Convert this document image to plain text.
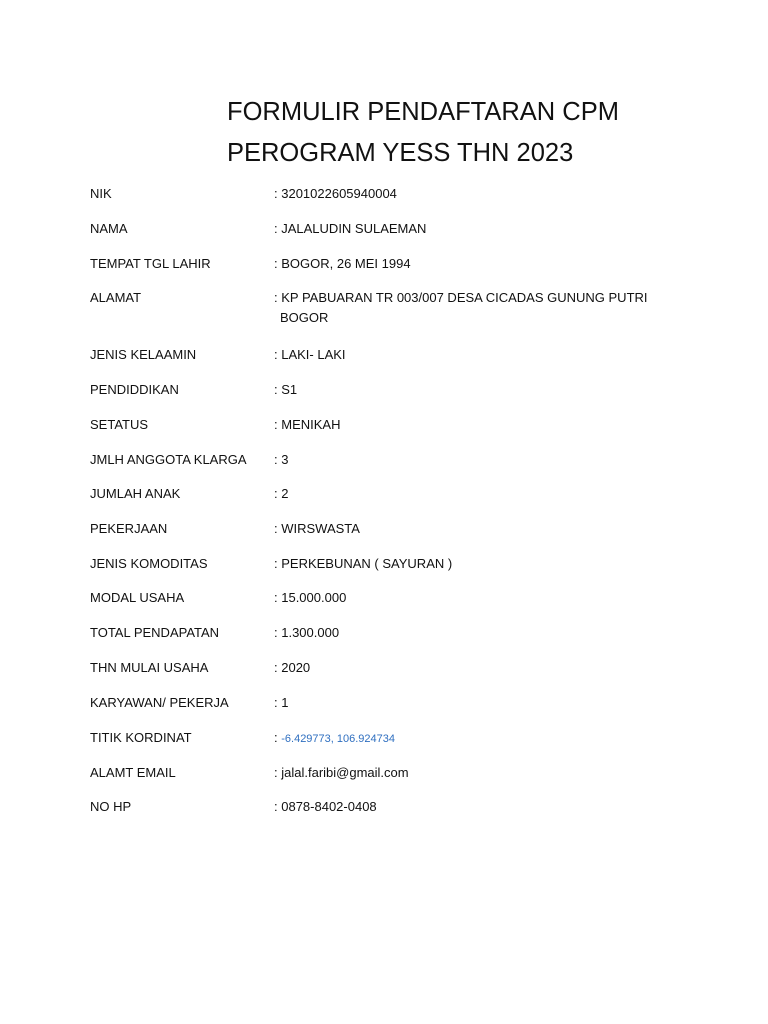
FORMULIR PENDAFTARAN CPM
PEROGRAM YESS THN 2023
NIK	: 3201022605940004
NAMA	: JALALUDIN SULAEMAN
TEMPAT TGL LAHIR	: BOGOR, 26 MEI 1994
ALAMAT	: KP PABUARAN TR 003/007 DESA CICADAS GUNUNG PUTRI
BOGOR
JENIS KELAAMIN	: LAKI- LAKI
PENDIDDIKAN	: S1
SETATUS	: MENIKAH
JMLH ANGGOTA KLARGA : 3
JUMLAH ANAK	: 2
PEKERJAAN	: WIRSWASTA
JENIS KOMODITAS	: PERKEBUNAN ( SAYURAN )
MODAL USAHA	: 15.000.000
TOTAL PENDAPATAN	: 1.300.000
THN MULAI USAHA	: 2020
KARYAWAN/ PEKERJA	: 1
TITIK KORDINAT	: -6.429773, 106.924734
ALAMT EMAIL	: jalal.faribi@gmail.com
NO HP	: 0878-8402-0408
